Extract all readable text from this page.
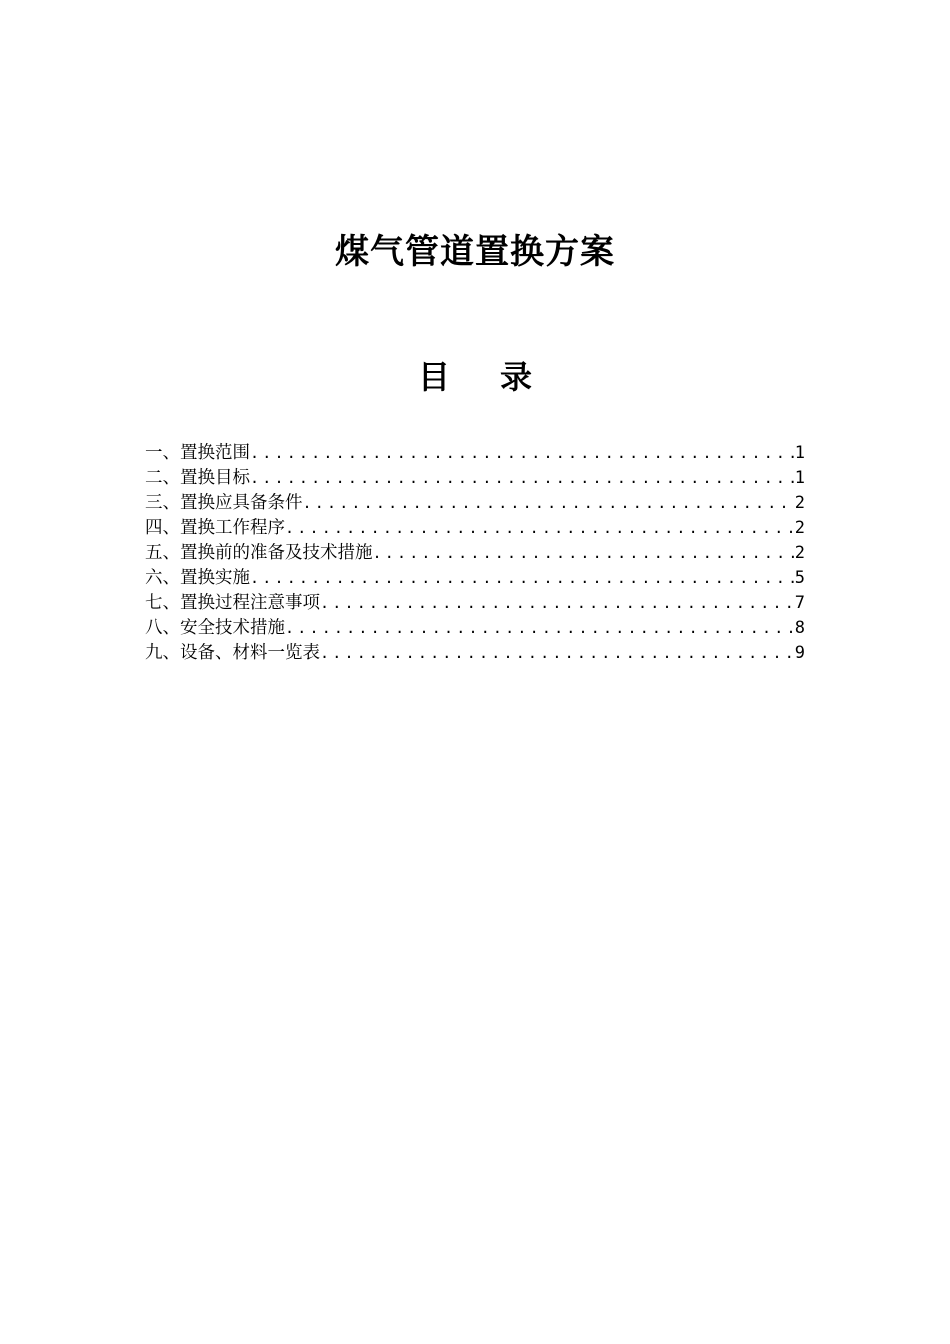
煤气管道置换方案
目 录
一、置换范围 .....	1
二、置换目标 .....	1
三、置换应具备条件 .....	2
四、置换工作程序 .....	2
五、置换前的准备及技术措施 .....	2
六、置换实施 .....	5
七、置换过程注意事项 .....	7
八、安全技术措施 .....	8
九、设备、材料一览表 .....	9
